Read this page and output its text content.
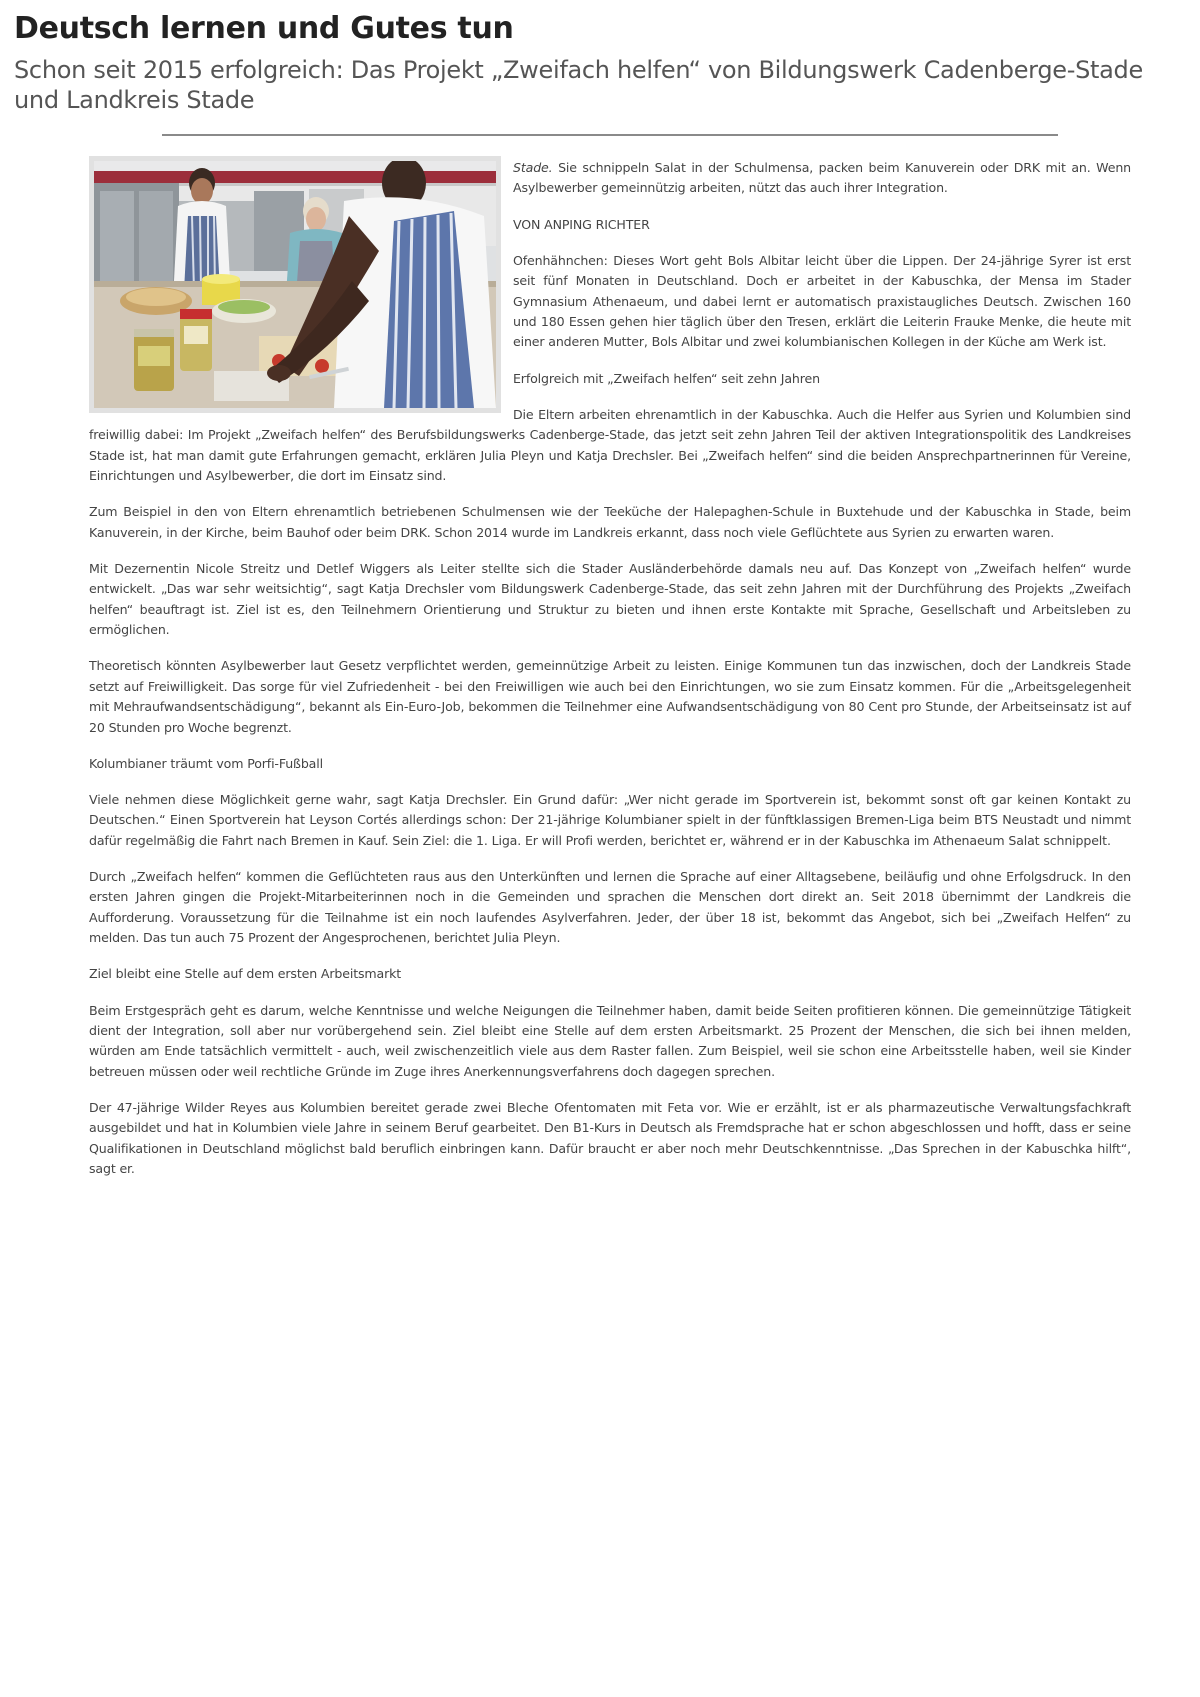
Deutsch lernen und Gutes tun
Schon seit 2015 erfolgreich: Das Projekt „Zweifach helfen“ von Bildungswerk Cadenberge-Stade und Landkreis Stade

Stade. Sie schnippeln Salat in der Schulmensa, packen beim Kanuverein oder DRK mit an. Wenn Asylbewerber gemeinnützig arbeiten, nützt das auch ihrer Integration.

VON ANPING RICHTER

Ofenhähnchen: Dieses Wort geht Bols Albitar leicht über die Lippen. Der 24-jährige Syrer ist erst seit fünf Monaten in Deutschland. Doch er arbeitet in der Kabuschka, der Mensa im Stader Gymnasium Athenaeum, und dabei lernt er automatisch praxistaugliches Deutsch. Zwischen 160 und 180 Essen gehen hier täglich über den Tresen, erklärt die Leiterin Frauke Menke, die heute mit einer anderen Mutter, Bols Albitar und zwei kolumbianischen Kollegen in der Küche am Werk ist.

Erfolgreich mit „Zweifach helfen“ seit zehn Jahren

Die Eltern arbeiten ehrenamtlich in der Kabuschka. Auch die Helfer aus Syrien und Kolumbien sind freiwillig dabei: Im Projekt „Zweifach helfen“ des Berufsbildungswerks Cadenberge-Stade, das jetzt seit zehn Jahren Teil der aktiven Integrationspolitik des Landkreises Stade ist, hat man damit gute Erfahrungen gemacht, erklären Julia Pleyn und Katja Drechsler. Bei „Zweifach helfen“ sind die beiden Ansprechpartnerinnen für Vereine, Einrichtungen und Asylbewerber, die dort im Einsatz sind.

Zum Beispiel in den von Eltern ehrenamtlich betriebenen Schulmensen wie der Teeküche der Halepaghen-Schule in Buxtehude und der Kabuschka in Stade, beim Kanuverein, in der Kirche, beim Bauhof oder beim DRK. Schon 2014 wurde im Landkreis erkannt, dass noch viele Geflüchtete aus Syrien zu erwarten waren.

Mit Dezernentin Nicole Streitz und Detlef Wiggers als Leiter stellte sich die Stader Ausländerbehörde damals neu auf. Das Konzept von „Zweifach helfen“ wurde entwickelt. „Das war sehr weitsichtig“, sagt Katja Drechsler vom Bildungswerk Cadenberge-Stade, das seit zehn Jahren mit der Durchführung des Projekts „Zweifach helfen“ beauftragt ist. Ziel ist es, den Teilnehmern Orientierung und Struktur zu bieten und ihnen erste Kontakte mit Sprache, Gesellschaft und Arbeitsleben zu ermöglichen.

Theoretisch könnten Asylbewerber laut Gesetz verpflichtet werden, gemeinnützige Arbeit zu leisten. Einige Kommunen tun das inzwischen, doch der Landkreis Stade setzt auf Freiwilligkeit. Das sorge für viel Zufriedenheit - bei den Freiwilligen wie auch bei den Einrichtungen, wo sie zum Einsatz kommen. Für die „Arbeitsgelegenheit mit Mehraufwandsentschädigung“, bekannt als Ein-Euro-Job, bekommen die Teilnehmer eine Aufwandsentschädigung von 80 Cent pro Stunde, der Arbeitseinsatz ist auf 20 Stunden pro Woche begrenzt.

Kolumbianer träumt vom Porfi-Fußball

Viele nehmen diese Möglichkeit gerne wahr, sagt Katja Drechsler. Ein Grund dafür: „Wer nicht gerade im Sportverein ist, bekommt sonst oft gar keinen Kontakt zu Deutschen.“ Einen Sportverein hat Leyson Cortés allerdings schon: Der 21-jährige Kolumbianer spielt in der fünftklassigen Bremen-Liga beim BTS Neustadt und nimmt dafür regelmäßig die Fahrt nach Bremen in Kauf. Sein Ziel: die 1. Liga. Er will Profi werden, berichtet er, während er in der Kabuschka im Athenaeum Salat schnippelt.

Durch „Zweifach helfen“ kommen die Geflüchteten raus aus den Unterkünften und lernen die Sprache auf einer Alltagsebene, beiläufig und ohne Erfolgsdruck. In den ersten Jahren gingen die Projekt-Mitarbeiterinnen noch in die Gemeinden und sprachen die Menschen dort direkt an. Seit 2018 übernimmt der Landkreis die Aufforderung. Voraussetzung für die Teilnahme ist ein noch laufendes Asylverfahren. Jeder, der über 18 ist, bekommt das Angebot, sich bei „Zweifach Helfen“ zu melden. Das tun auch 75 Prozent der Angesprochenen, berichtet Julia Pleyn.

Ziel bleibt eine Stelle auf dem ersten Arbeitsmarkt

Beim Erstgespräch geht es darum, welche Kenntnisse und welche Neigungen die Teilnehmer haben, damit beide Seiten profitieren können. Die gemeinnützige Tätigkeit dient der Integration, soll aber nur vorübergehend sein. Ziel bleibt eine Stelle auf dem ersten Arbeitsmarkt. 25 Prozent der Menschen, die sich bei ihnen melden, würden am Ende tatsächlich vermittelt - auch, weil zwischenzeitlich viele aus dem Raster fallen. Zum Beispiel, weil sie schon eine Arbeitsstelle haben, weil sie Kinder betreuen müssen oder weil rechtliche Gründe im Zuge ihres Anerkennungsverfahrens doch dagegen sprechen.

Der 47-jährige Wilder Reyes aus Kolumbien bereitet gerade zwei Bleche Ofentomaten mit Feta vor. Wie er erzählt, ist er als pharmazeutische Verwaltungsfachkraft ausgebildet und hat in Kolumbien viele Jahre in seinem Beruf gearbeitet. Den B1-Kurs in Deutsch als Fremdsprache hat er schon abgeschlossen und hofft, dass er seine Qualifikationen in Deutschland möglichst bald beruflich einbringen kann. Dafür braucht er aber noch mehr Deutschkenntnisse. „Das Sprechen in der Kabuschka hilft“, sagt er.
